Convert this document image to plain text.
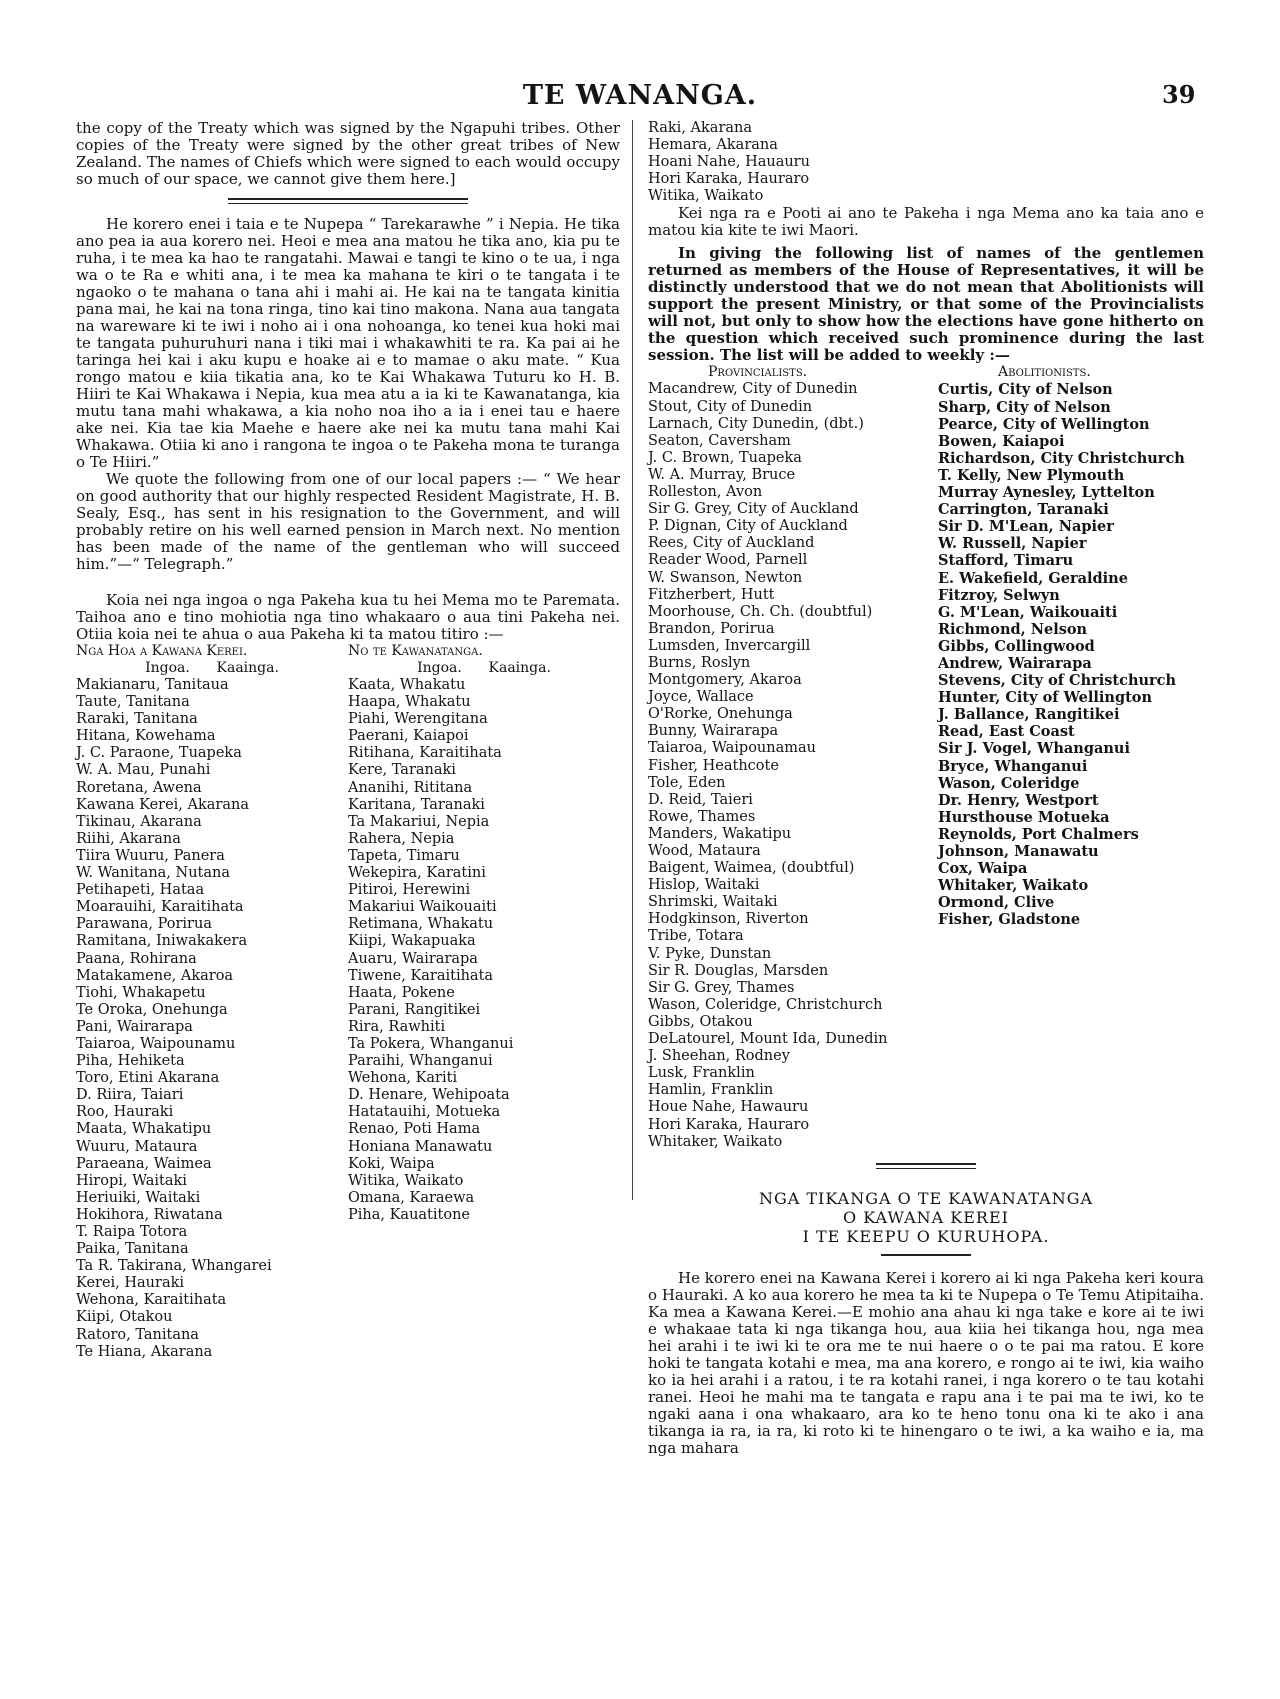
TE WANANGA.	39

the copy of the Treaty which was signed by the Ngapuhi tribes. Other copies of the Treaty were signed by the other great tribes of New Zealand. The names of Chiefs which were signed to each would occupy so much of our space, we cannot give them here.]

He korero enei i taia e te Nupepa “ Tarekarawhe ” i Nepia. He tika ano pea ia aua korero nei. Heoi e mea ana matou he tika ano, kia pu te ruha, i te mea ka hao te rangatahi. Mawai e tangi te kino o te ua, i nga wa o te Ra e whiti ana, i te mea ka mahana te kiri o te tangata i te ngaoko o te mahana o tana ahi i mahi ai. He kai na te tangata kinitia pana mai, he kai na tona ringa, tino kai tino makona. Nana aua tangata na wareware ki te iwi i noho ai i ona nohoanga, ko tenei kua hoki mai te tangata puhuruhuri nana i tiki mai i whakawhiti te ra. Ka pai ai he taringa hei kai i aku kupu e hoake ai e to mamae o aku mate. “ Kua rongo matou e kiia tikatia ana, ko te Kai Whakawa Tuturu ko H. B. Hiiri te Kai Whakawa i Nepia, kua mea atu a ia ki te Kawanatanga, kia mutu tana mahi whakawa, a kia noho noa iho a ia i enei tau e haere ake nei. Kia tae kia Maehe e haere ake nei ka mutu tana mahi Kai Whakawa. Otiia ki ano i rangona te ingoa o te Pakeha mona te turanga o Te Hiiri.”

We quote the following from one of our local papers :— “ We hear on good authority that our highly respected Resident Magistrate, H. B. Sealy, Esq., has sent in his resignation to the Government, and will probably retire on his well earned pension in March next. No mention has been made of the name of the gentleman who will succeed him.”—“ Telegraph.”

Koia nei nga ingoa o nga Pakeha kua tu hei Mema mo te Paremata. Taihoa ano e tino mohiotia nga tino whakaaro o aua tini Pakeha nei. Otiia koia nei te ahua o aua Pakeha ki ta matou titiro :—

Nga Hoa a Kawana Kerei.
Ingoa. Kaainga.
Makianaru, Tanitaua
Taute, Tanitana
Raraki, Tanitana
Hitana, Kowehama
J. C. Paraone, Tuapeka
W. A. Mau, Punahi
Roretana, Awena
Kawana Kerei, Akarana
Tikinau, Akarana
Riihi, Akarana
Tiira Wuuru, Panera
W. Wanitana, Nutana
Petihapeti, Hataa
Moarauihi, Karaitihata
Parawana, Porirua
Ramitana, Iniwakakera
Paana, Rohirana
Matakamene, Akaroa
Tiohi, Whakapetu
Te Oroka, Onehunga
Pani, Wairarapa
Taiaroa, Waipounamu
Piha, Hehiketa
Toro, Etini Akarana
D. Riira, Taiari
Roo, Hauraki
Maata, Whakatipu
Wuuru, Mataura
Paraeana, Waimea
Hiropi, Waitaki
Heriuiki, Waitaki
Hokihora, Riwatana
T. Raipa Totora
Paika, Tanitana
Ta R. Takirana, Whangarei
Kerei, Hauraki
Wehona, Karaitihata
Kiipi, Otakou
Ratoro, Tanitana
Te Hiana, Akarana
No te Kawanatanga.
Ingoa. Kaainga.
Kaata, Whakatu
Haapa, Whakatu
Piahi, Werengitana
Paerani, Kaiapoi
Ritihana, Karaitihata
Kere, Taranaki
Ananihi, Rititana
Karitana, Taranaki
Ta Makariui, Nepia
Rahera, Nepia
Tapeta, Timaru
Wekepira, Karatini
Pitiroi, Herewini
Makariui Waikouaiti
Retimana, Whakatu
Kiipi, Wakapuaka
Auaru, Wairarapa
Tiwene, Karaitihata
Haata, Pokene
Parani, Rangitikei
Rira, Rawhiti
Ta Pokera, Whanganui
Paraihi, Whanganui
Wehona, Kariti
D. Henare, Wehipoata
Hatatauihi, Motueka
Renao, Poti Hama
Honiana Manawatu
Koki, Waipa
Witika, Waikato
Omana, Karaewa
Piha, Kauatitone
Raki, Akarana
Hemara, Akarana
Hoani Nahe, Hauauru
Hori Karaka, Hauraro
Witika, Waikato

Kei nga ra e Pooti ai ano te Pakeha i nga Mema ano ka taia ano e matou kia kite te iwi Maori.

In giving the following list of names of the gentlemen returned as members of the House of Representatives, it will be distinctly understood that we do not mean that Abolitionists will support the present Ministry, or that some of the Provincialists will not, but only to show how the elections have gone hitherto on the question which received such prominence during the last session. The list will be added to weekly :—

Provincialists.
Macandrew, City of Dunedin
Stout, City of Dunedin
Larnach, City Dunedin, (dbt.)
Seaton, Caversham
J. C. Brown, Tuapeka
W. A. Murray, Bruce
Rolleston, Avon
Sir G. Grey, City of Auckland
P. Dignan, City of Auckland
Rees, City of Auckland
Reader Wood, Parnell
W. Swanson, Newton
Fitzherbert, Hutt
Moorhouse, Ch. Ch. (doubtful)
Brandon, Porirua
Lumsden, Invercargill
Burns, Roslyn
Montgomery, Akaroa
Joyce, Wallace
O'Rorke, Onehunga
Bunny, Wairarapa
Taiaroa, Waipounamau
Fisher, Heathcote
Tole, Eden
D. Reid, Taieri
Rowe, Thames
Manders, Wakatipu
Wood, Mataura
Baigent, Waimea, (doubtful)
Hislop, Waitaki
Shrimski, Waitaki
Hodgkinson, Riverton
Tribe, Totara
V. Pyke, Dunstan
Sir R. Douglas, Marsden
Sir G. Grey, Thames
Wason, Coleridge, Christchurch
Gibbs, Otakou
DeLatourel, Mount Ida, Dunedin
J. Sheehan, Rodney
Lusk, Franklin
Hamlin, Franklin
Houe Nahe, Hawauru
Hori Karaka, Hauraro
Whitaker, Waikato
Abolitionists.
Curtis, City of Nelson
Sharp, City of Nelson
Pearce, City of Wellington
Bowen, Kaiapoi
Richardson, City Christchurch
T. Kelly, New Plymouth
Murray Aynesley, Lyttelton
Carrington, Taranaki
Sir D. M'Lean, Napier
W. Russell, Napier
Stafford, Timaru
E. Wakefield, Geraldine
Fitzroy, Selwyn
G. M'Lean, Waikouaiti
Richmond, Nelson
Gibbs, Collingwood
Andrew, Wairarapa
Stevens, City of Christchurch
Hunter, City of Wellington
J. Ballance, Rangitikei
Read, East Coast
Sir J. Vogel, Whanganui
Bryce, Whanganui
Wason, Coleridge
Dr. Henry, Westport
Hursthouse Motueka
Reynolds, Port Chalmers
Johnson, Manawatu
Cox, Waipa
Whitaker, Waikato
Ormond, Clive
Fisher, Gladstone
NGA TIKANGA O TE KAWANATANGA
O KAWANA KEREI
I TE KEEPU O KURUHOPA.

He korero enei na Kawana Kerei i korero ai ki nga Pakeha keri koura o Hauraki. A ko aua korero he mea ta ki te Nupepa o Te Temu Atipitaiha. Ka mea a Kawana Kerei.—E mohio ana ahau ki nga take e kore ai te iwi e whakaae tata ki nga tikanga hou, aua kiia hei tikanga hou, nga mea hei arahi i te iwi ki te ora me te nui haere o o te pai ma ratou. E kore hoki te tangata kotahi e mea, ma ana korero, e rongo ai te iwi, kia waiho ko ia hei arahi i a ratou, i te ra kotahi ranei, i nga korero o te tau kotahi ranei. Heoi he mahi ma te tangata e rapu ana i te pai ma te iwi, ko te ngaki aana i ona whakaaro, ara ko te heno tonu ona ki te ako i ana tikanga ia ra, ia ra, ki roto ki te hinengaro o te iwi, a ka waiho e ia, ma nga mahara
